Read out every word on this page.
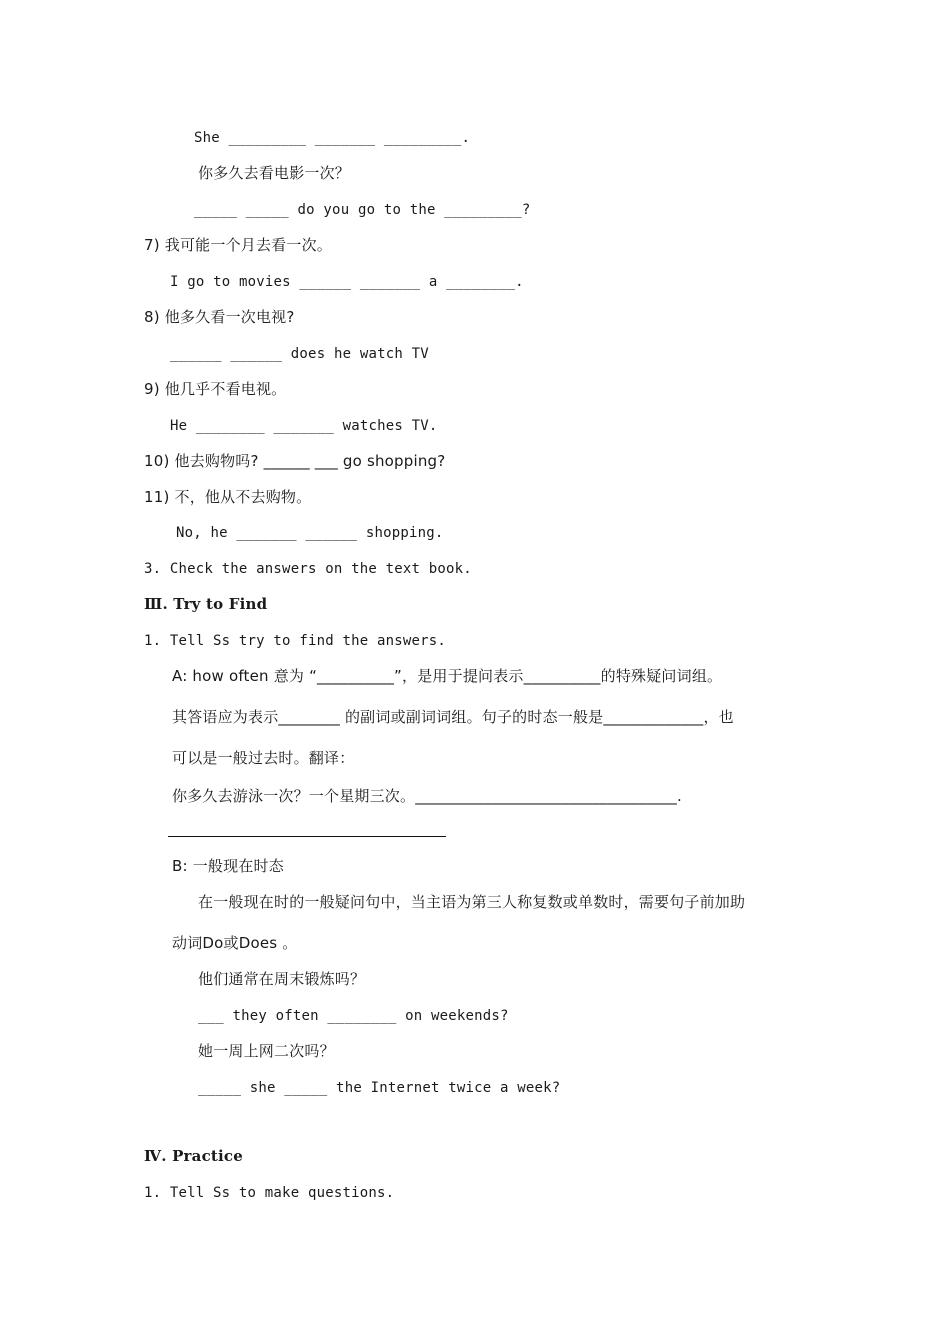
She _________ _______ _________.
你多久去看电影一次？
_____ _____ do you go to the _________?
7) 我可能一个月去看一次。
I go to movies ______ _______ a ________.
8) 他多久看一次电视?
______ ______ does he watch TV
9) 他几乎不看电视。
He ________ _______ watches TV.
10) 他去购物吗? ______ ___ go shopping?
11) 不，他从不去购物。
No, he _______ ______ shopping.
3. Check the answers on the text book.
Ⅲ. Try to Find
1. Tell Ss try to find the answers.
A: how often 意为 “__________”，是用于提问表示__________的特殊疑问词组。
其答语应为表示________ 的副词或副词词组。句子的时态一般是_____________，也
可以是一般过去时。翻译：
你多久去游泳一次？一个星期三次。__________________________________.
B: 一般现在时态
在一般现在时的一般疑问句中，当主语为第三人称复数或单数时，需要句子前加助
动词Do或Does 。
他们通常在周末锻炼吗？
___ they often ________ on weekends?
她一周上网二次吗？
_____ she _____ the Internet twice a week?
Ⅳ. Practice
1. Tell Ss to make questions.
